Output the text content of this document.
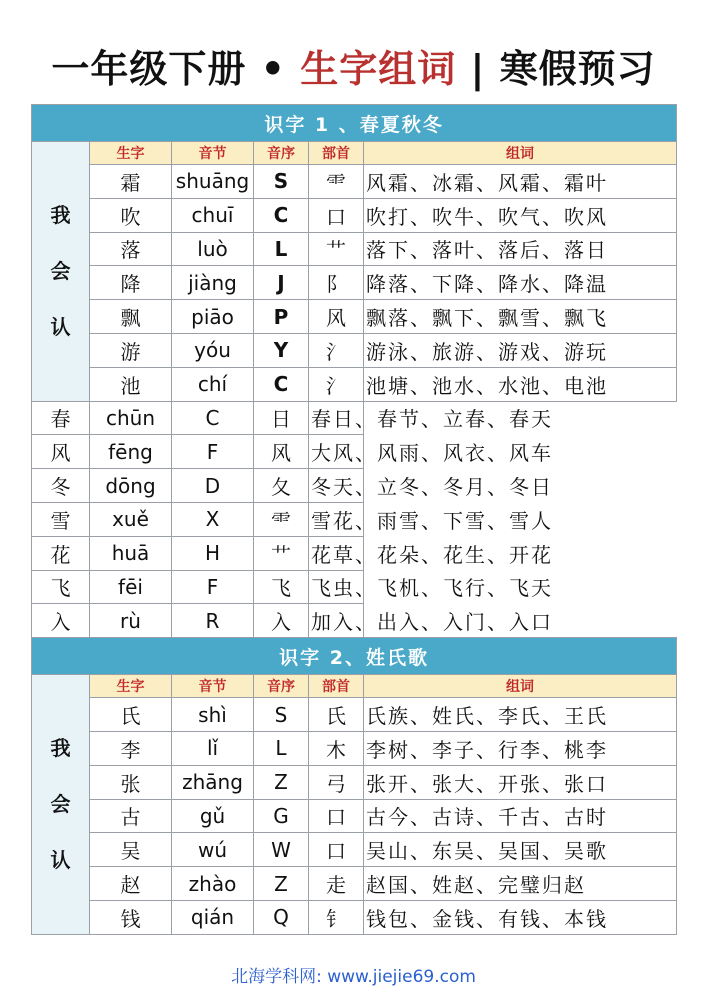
一年级下册 • 生字组词 | 寒假预习
识字 1 、春夏秋冬					

我
会
认	生字	音节	音序	部首	组词
	霜	shuāng	S	⻗	风霜、冰霜、风霜、霜叶
	吹	chuī	C	口	吹打、吹牛、吹气、吹风
	落	luò	L	艹	落下、落叶、落后、落日
	降	jiàng	J	阝	降落、下降、降水、降温
	飘	piāo	P	风	飘落、飘下、飘雪、飘飞
	游	yóu	Y	氵	游泳、旅游、游戏、游玩
	池	chí	C	氵	池塘、池水、水池、电池
春	chūn	C	日	春日、春节、立春、春天	
风	fēng	F	风	大风、风雨、风衣、风车	
冬	dōng	D	夂	冬天、立冬、冬月、冬日	
雪	xuě	X	⻗	雪花、雨雪、下雪、雪人	
花	huā	H	艹	花草、花朵、花生、开花	
飞	fēi	F	飞	飞虫、飞机、飞行、飞天	
入	rù	R	入	加入、出入、入门、入口	
识字 2、姓氏歌					

我
会
认	生字	音节	音序	部首	组词
	氏	shì	S	氏	氏族、姓氏、李氏、王氏
	李	lǐ	L	木	李树、李子、行李、桃李
	张	zhāng	Z	弓	张开、张大、开张、张口
	古	gǔ	G	口	古今、古诗、千古、古时
	吴	wú	W	口	吴山、东吴、吴国、吴歌
	赵	zhào	Z	走	赵国、姓赵、完璧归赵
	钱	qián	Q	钅	钱包、金钱、有钱、本钱
北海学科网: www.jiejie69.com
